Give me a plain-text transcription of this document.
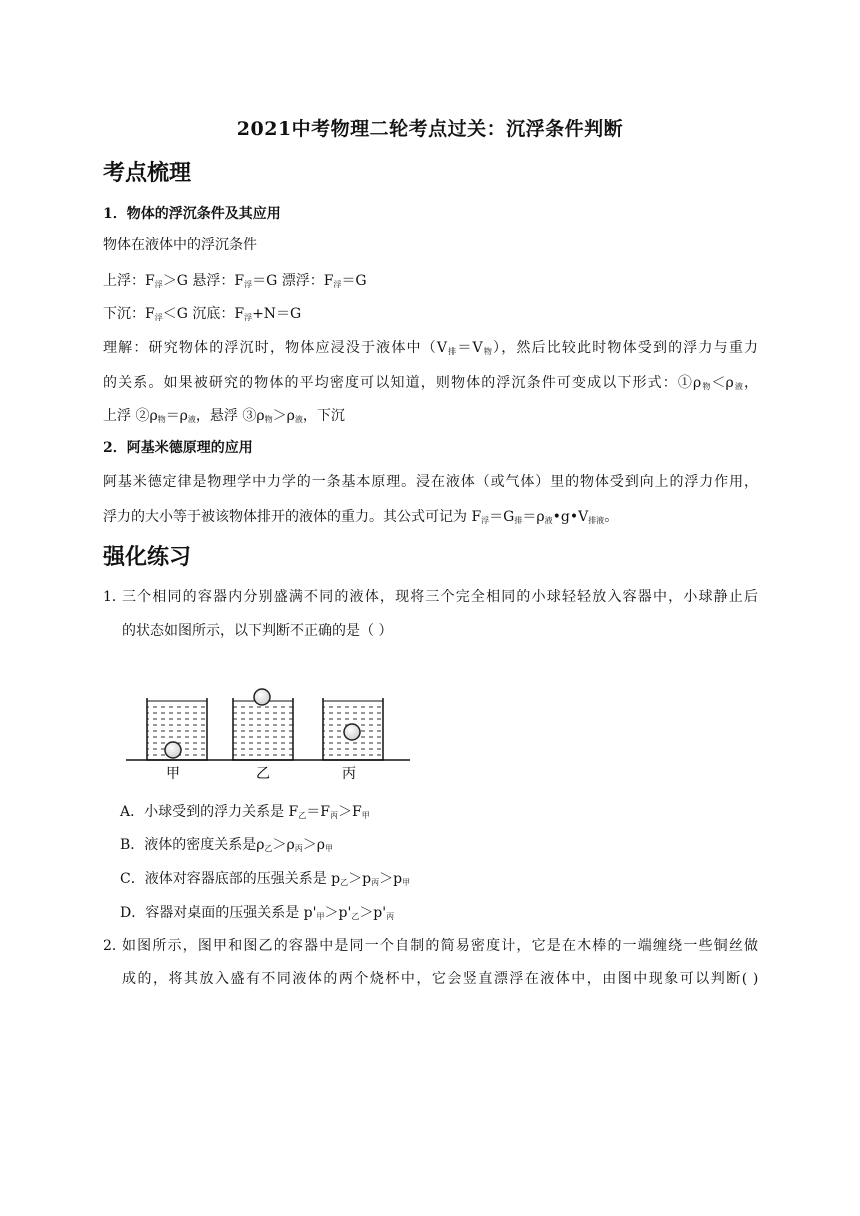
2021中考物理二轮考点过关：沉浮条件判断
考点梳理
1．物体的浮沉条件及其应用
物体在液体中的浮沉条件
上浮：$F_浮>G$ 悬浮：$F_浮=G$ 漂浮：$F_浮=G$
下沉：$F_浮<G$ 沉底：$F_浮+N=G$
理解：研究物体的浮沉时，物体应浸没于液体中$(V_排=V_物)$，然后比较此时物体受到的浮力与重力
的关系。如果被研究的物体的平均密度可以知道，则物体的浮沉条件可变成以下形式：$①\rho_物<\rho_液$，
上浮 $②\rho_物=\rho_液$，悬浮 $③\rho_物>\rho_液$，下沉
2．阿基米德原理的应用
阿基米德定律是物理学中力学的一条基本原理。浸在液体（或气体）里的物体受到向上的浮力作用，
浮力的大小等于被该物体排开的液体的重力。其公式可记为 $F_浮=G_排=\rho_液•g•V_{排液}$。
强化练习
1．
三个相同的容器内分别盛满不同的液体，现将三个完全相同的小球轻轻放入容器中，小球静止后
的状态如图所示，以下判断不正确的是（ ）
甲	乙	丙
A．小球受到的浮力关系是 $F_乙=F_丙>F_甲$
B．液体的密度关系是$\rho_乙>\rho_丙>\rho_甲$
C．液体对容器底部的压强关系是 $p_乙>p_丙>p_甲$
D．容器对桌面的压强关系是 $p'_甲>p'_乙>p'_丙$
2．
如图所示，图甲和图乙的容器中是同一个自制的简易密度计，它是在木棒的一端缠绕一些铜丝做
成的，将其放入盛有不同液体的两个烧杯中，它会竖直漂浮在液体中，由图中现象可以判断( )
